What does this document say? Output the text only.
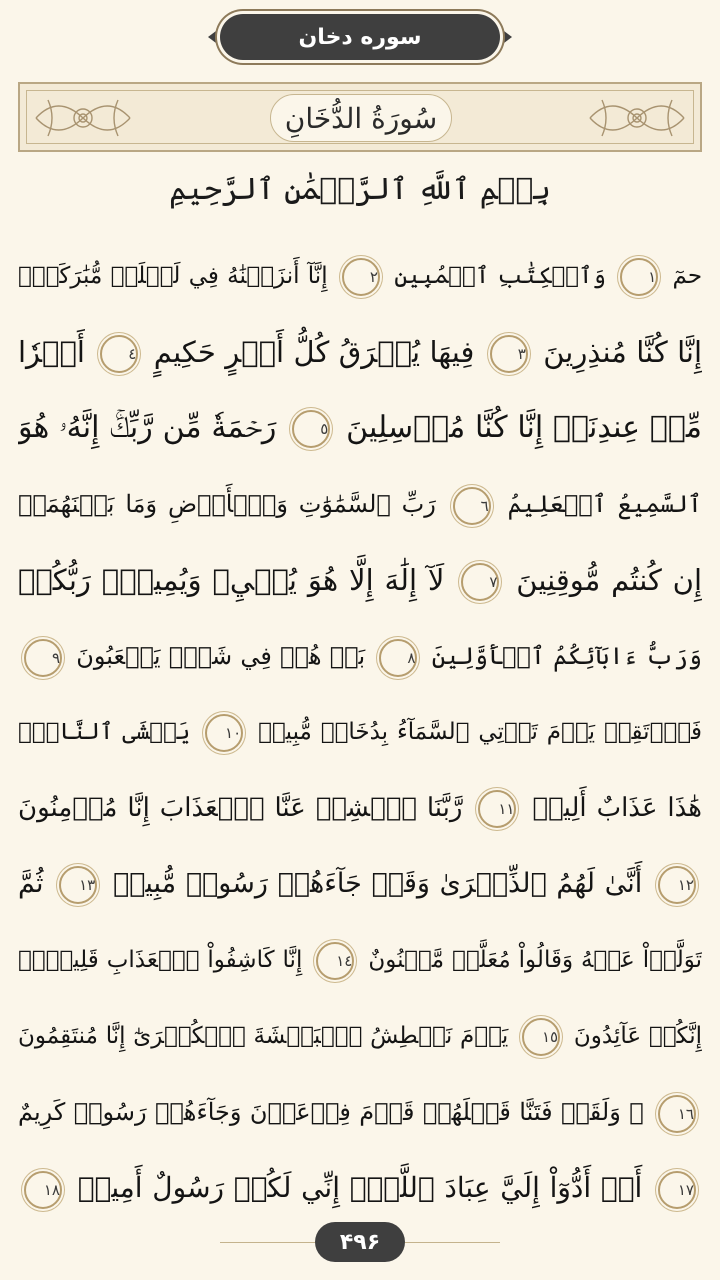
سوره دخان
سُورَةُ الدُّخَانِ
بِسۡمِ ٱللَّهِ ٱلرَّحۡمَٰنِ ٱلرَّحِيمِ
حمٓ ١ وَٱلۡكِتَٰبِ ٱلۡمُبِينِ ٢ إِنَّآ أَنزَلۡنَٰهُ فِي لَيۡلَةٖ مُّبَٰرَكَةٍۚ
إِنَّا كُنَّا مُنذِرِينَ ٣ فِيهَا يُفۡرَقُ كُلُّ أَمۡرٍ حَكِيمٍ ٤ أَمۡرٗا
مِّنۡ عِندِنَآۚ إِنَّا كُنَّا مُرۡسِلِينَ ٥ رَحۡمَةٗ مِّن رَّبِّكَۚ إِنَّهُۥ هُوَ
ٱلسَّمِيعُ ٱلۡعَلِيمُ ٦ رَبِّ ٱلسَّمَٰوَٰتِ وَٱلۡأَرۡضِ وَمَا بَيۡنَهُمَآۖ
إِن كُنتُم مُّوقِنِينَ ٧ لَآ إِلَٰهَ إِلَّا هُوَ يُحۡيِۦ وَيُمِيتُۖ رَبُّكُمۡ
وَرَبُّ ءَابَآئِكُمُ ٱلۡأَوَّلِينَ ٨ بَلۡ هُمۡ فِي شَكّٖ يَلۡعَبُونَ ٩
فَٱرۡتَقِبۡ يَوۡمَ تَأۡتِي ٱلسَّمَآءُ بِدُخَانٖ مُّبِينٖ ١٠ يَغۡشَى ٱلنَّاسَۖ
هَٰذَا عَذَابٌ أَلِيمٞ ١١ رَّبَّنَا ٱكۡشِفۡ عَنَّا ٱلۡعَذَابَ إِنَّا مُؤۡمِنُونَ
١٢ أَنَّىٰ لَهُمُ ٱلذِّكۡرَىٰ وَقَدۡ جَآءَهُمۡ رَسُولٞ مُّبِينٞ ١٣ ثُمَّ
تَوَلَّوۡاْ عَنۡهُ وَقَالُواْ مُعَلَّمٞ مَّجۡنُونٌ ١٤ إِنَّا كَاشِفُواْ ٱلۡعَذَابِ قَلِيلًاۚ
إِنَّكُمۡ عَآئِدُونَ ١٥ يَوۡمَ نَبۡطِشُ ٱلۡبَطۡشَةَ ٱلۡكُبۡرَىٰٓ إِنَّا مُنتَقِمُونَ
١٦ ۞ وَلَقَدۡ فَتَنَّا قَبۡلَهُمۡ قَوۡمَ فِرۡعَوۡنَ وَجَآءَهُمۡ رَسُولٞ كَرِيمٌ
١٧ أَنۡ أَدُّوٓاْ إِلَيَّ عِبَادَ ٱللَّهِۖ إِنِّي لَكُمۡ رَسُولٌ أَمِينٞ ١٨
۴۹۶
